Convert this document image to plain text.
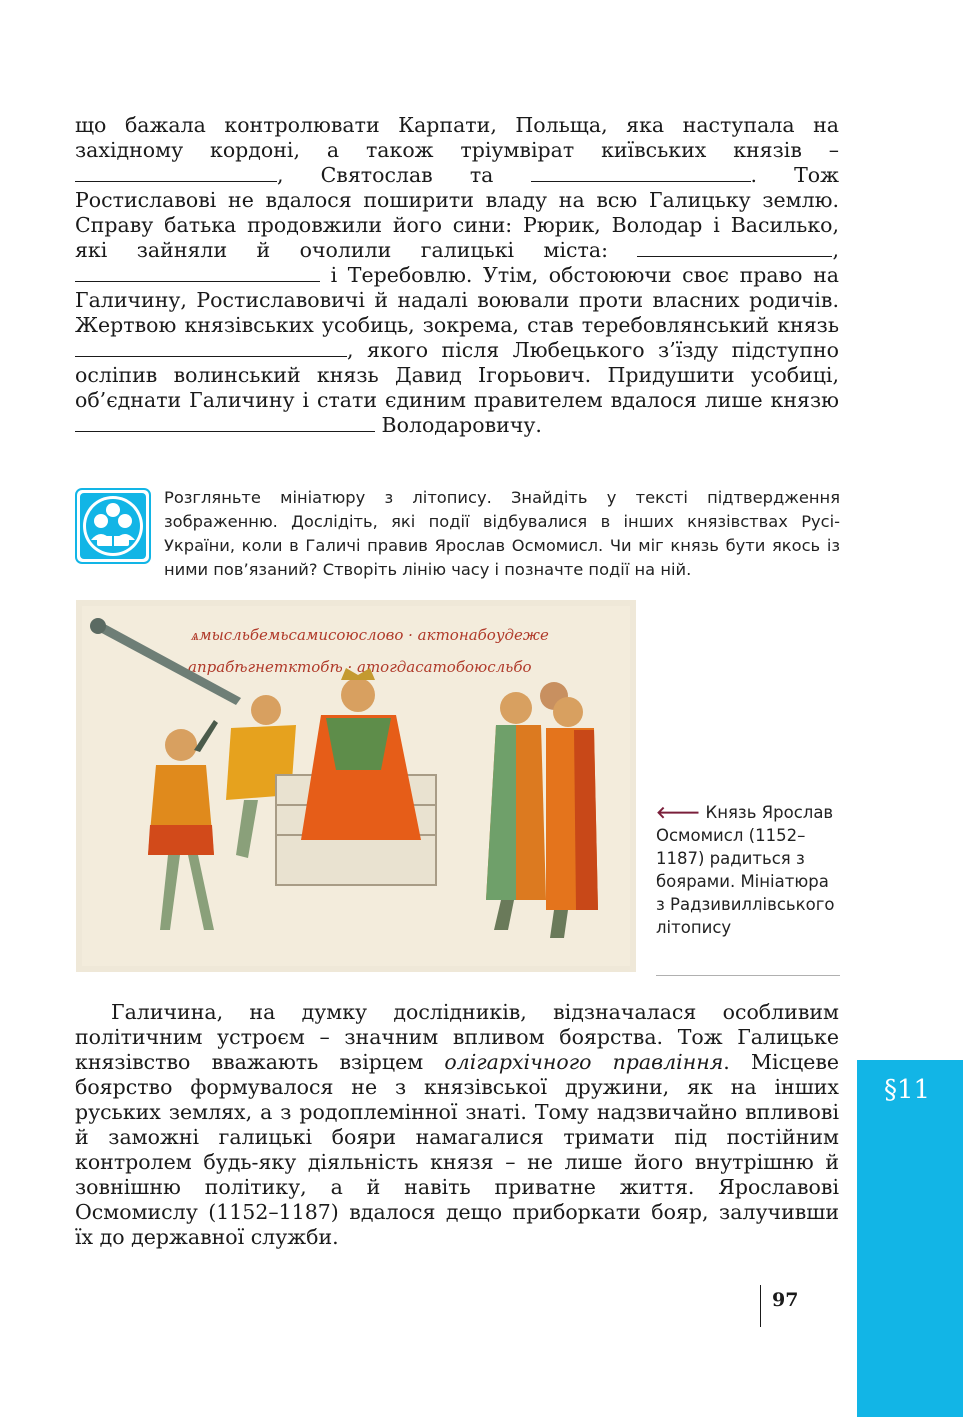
що бажала контролювати Карпати, Польща, яка наступала на західному кордоні, а також тріумвірат київських князів – , Святослав та	. Тож Ростиславові не вдалося поширити владу на всю Галицьку землю. Справу батька продовжили його сини: Рюрик, Володар і Василько, які зайняли й очолили галицькі міста:	,  і Теребовлю. Утім, обстоюючи своє право на Галичину, Ростиславовичі й надалі воювали проти власних родичів. Жертвою князівських усобиць, зокрема, став теребовлянський князь , якого після Любецького з’їзду підступно осліпив волинський князь Давид Ігорьович. Придушити усобиці, об’єднати Галичину і стати єдиним правителем вдалося лише князю  Володаровичу.

Розгляньте мініатюру з літопису. Знайдіть у тексті підтвердження зображенню. Дослідіть, які події відбувалися в інших князівствах Русі-України, коли в Галичі правив Ярослав Осмомисл. Чи міг князь бути якось із ними пов’язаний? Створіть лінію часу і позначте події на ній.

ѧмысльбемьсамисоюслово · актонабоудеже
апрабѣгнетктобѣ · атогдасатобоюсльбо

🡐 Князь Ярослав Осмомисл (1152–1187) радиться з боярами. Мініатюра з Радзивиллівського літопису

Галичина, на думку дослідників, відзначалася особливим політичним устроєм – значним впливом боярства. Тож Галицьке князівство вважають взірцем олігархічного правління. Місцеве боярство формувалося не з князівської дружини, як на інших руських землях, а з родоплемінної знаті. Тому надзвичайно впливові й заможні галицькі бояри намагалися тримати під постійним контролем будь-яку діяльність князя – не лише його внутрішню й зовнішню політику, а й навіть приватне життя. Ярославові Осмомислу (1152–1187) вдалося дещо приборкати бояр, залучивши їх до державної служби.

§11
97
